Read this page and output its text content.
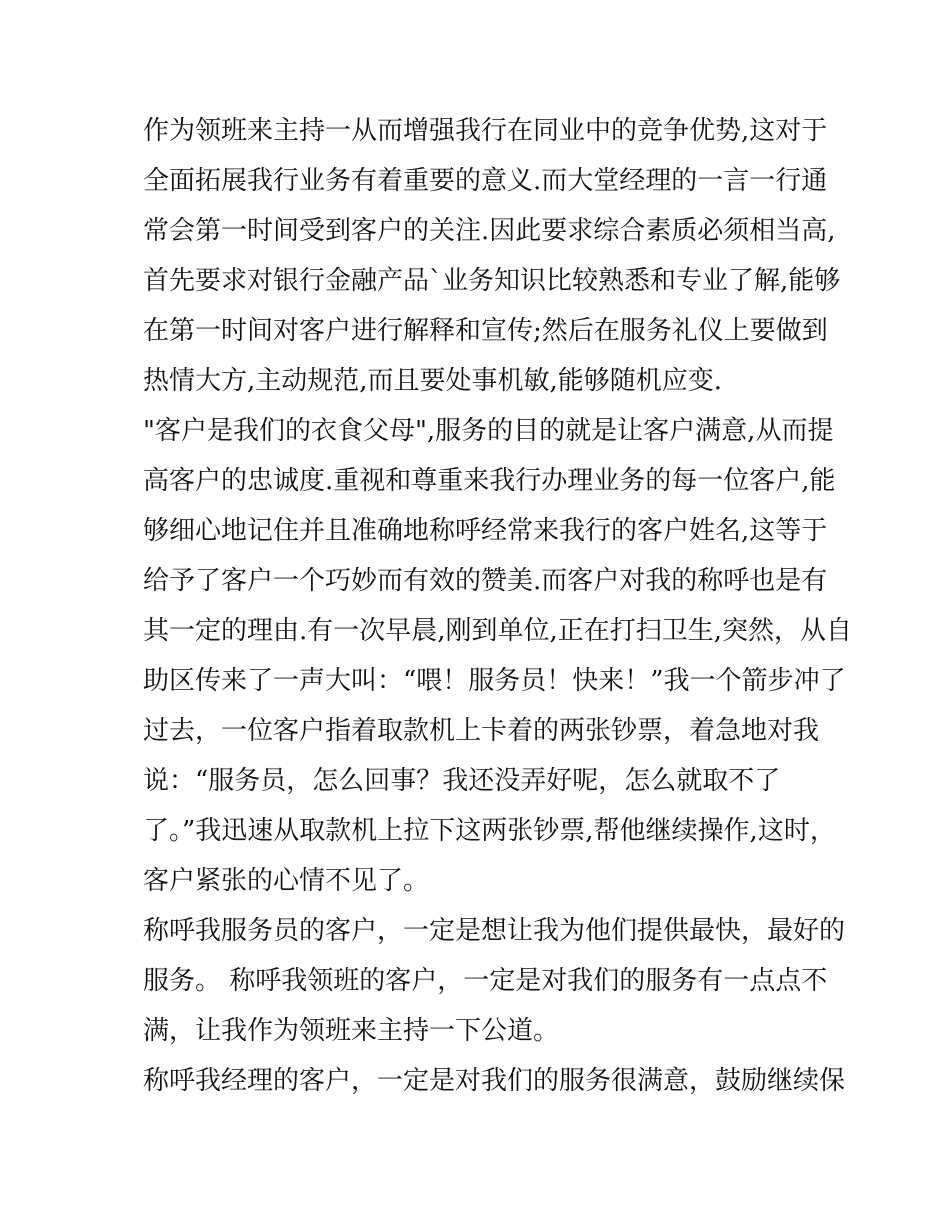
作为领班来主持一从而增强我行在同业中的竞争优势,这对于
全面拓展我行业务有着重要的意义.而大堂经理的一言一行通
常会第一时间受到客户的关注.因此要求综合素质必须相当高,
首先要求对银行金融产品`业务知识比较熟悉和专业了解,能够
在第一时间对客户进行解释和宣传;然后在服务礼仪上要做到
热情大方,主动规范,而且要处事机敏,能够随机应变.
"客户是我们的衣食父母",服务的目的就是让客户满意,从而提
高客户的忠诚度.重视和尊重来我行办理业务的每一位客户,能
够细心地记住并且准确地称呼经常来我行的客户姓名,这等于
给予了客户一个巧妙而有效的赞美.而客户对我的称呼也是有
其一定的理由.有一次早晨,刚到单位,正在打扫卫生,突然，从自
助区传来了一声大叫：“喂！服务员！快来！”我一个箭步冲了
过去，一位客户指着取款机上卡着的两张钞票，着急地对我
说：“服务员，怎么回事？我还没弄好呢，怎么就取不了
了。”我迅速从取款机上拉下这两张钞票,帮他继续操作,这时，
客户紧张的心情不见了。
称呼我服务员的客户，一定是想让我为他们提供最快，最好的
服务。 称呼我领班的客户，一定是对我们的服务有一点点不
满，让我作为领班来主持一下公道。
称呼我经理的客户，一定是对我们的服务很满意，鼓励继续保
